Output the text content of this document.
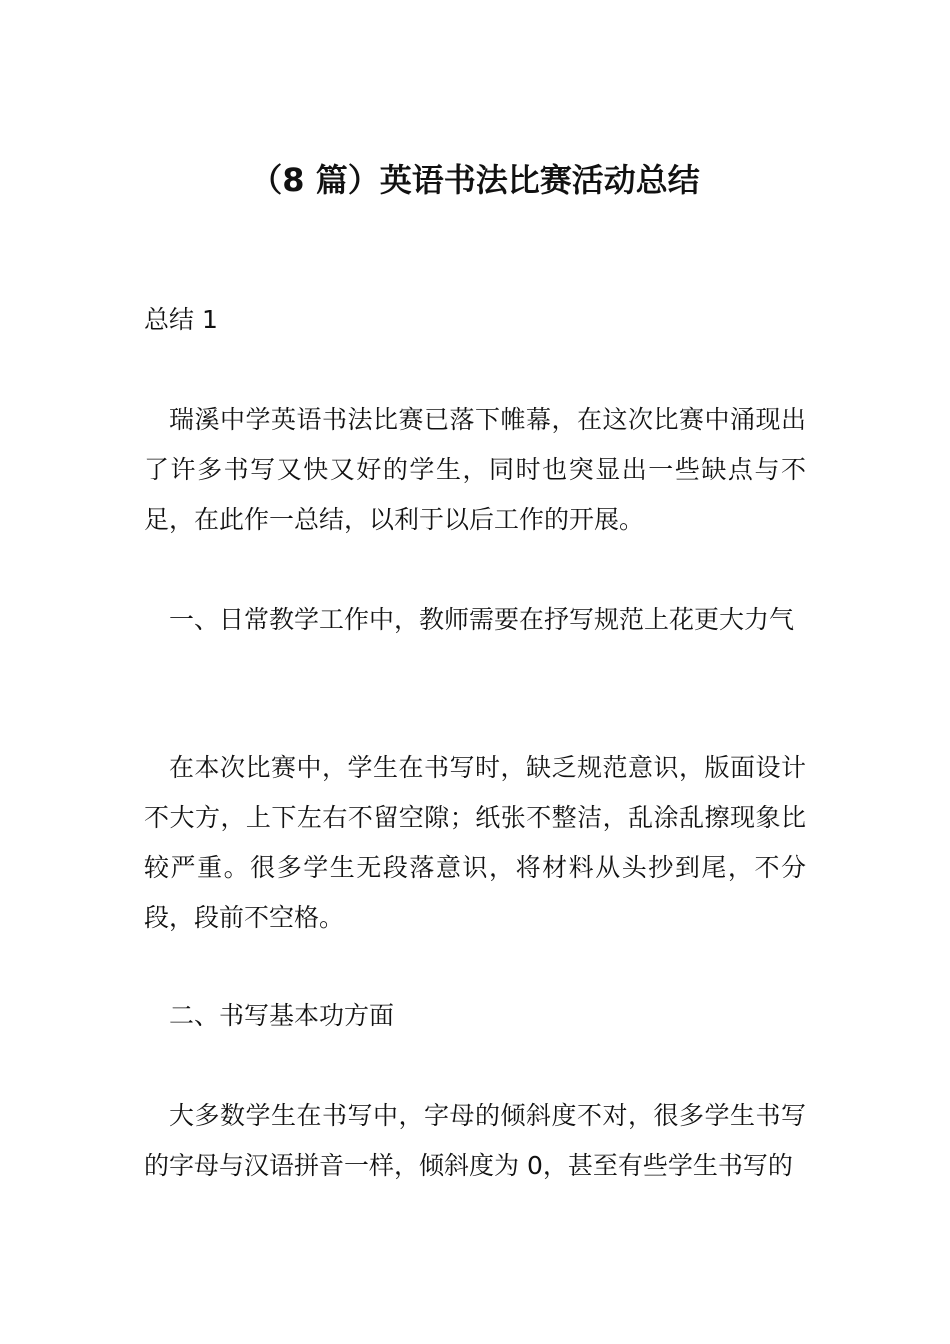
（8 篇）英语书法比赛活动总结

总结 1

瑞溪中学英语书法比赛已落下帷幕，在这次比赛中涌现出了许多书写又快又好的学生，同时也突显出一些缺点与不足，在此作一总结，以利于以后工作的开展。

一、日常教学工作中，教师需要在抒写规范上花更大力气

在本次比赛中，学生在书写时，缺乏规范意识，版面设计不大方，上下左右不留空隙；纸张不整洁，乱涂乱擦现象比较严重。很多学生无段落意识，将材料从头抄到尾，不分段，段前不空格。

二、书写基本功方面

大多数学生在书写中，字母的倾斜度不对，很多学生书写的字母与汉语拼音一样，倾斜度为 0，甚至有些学生书写的
